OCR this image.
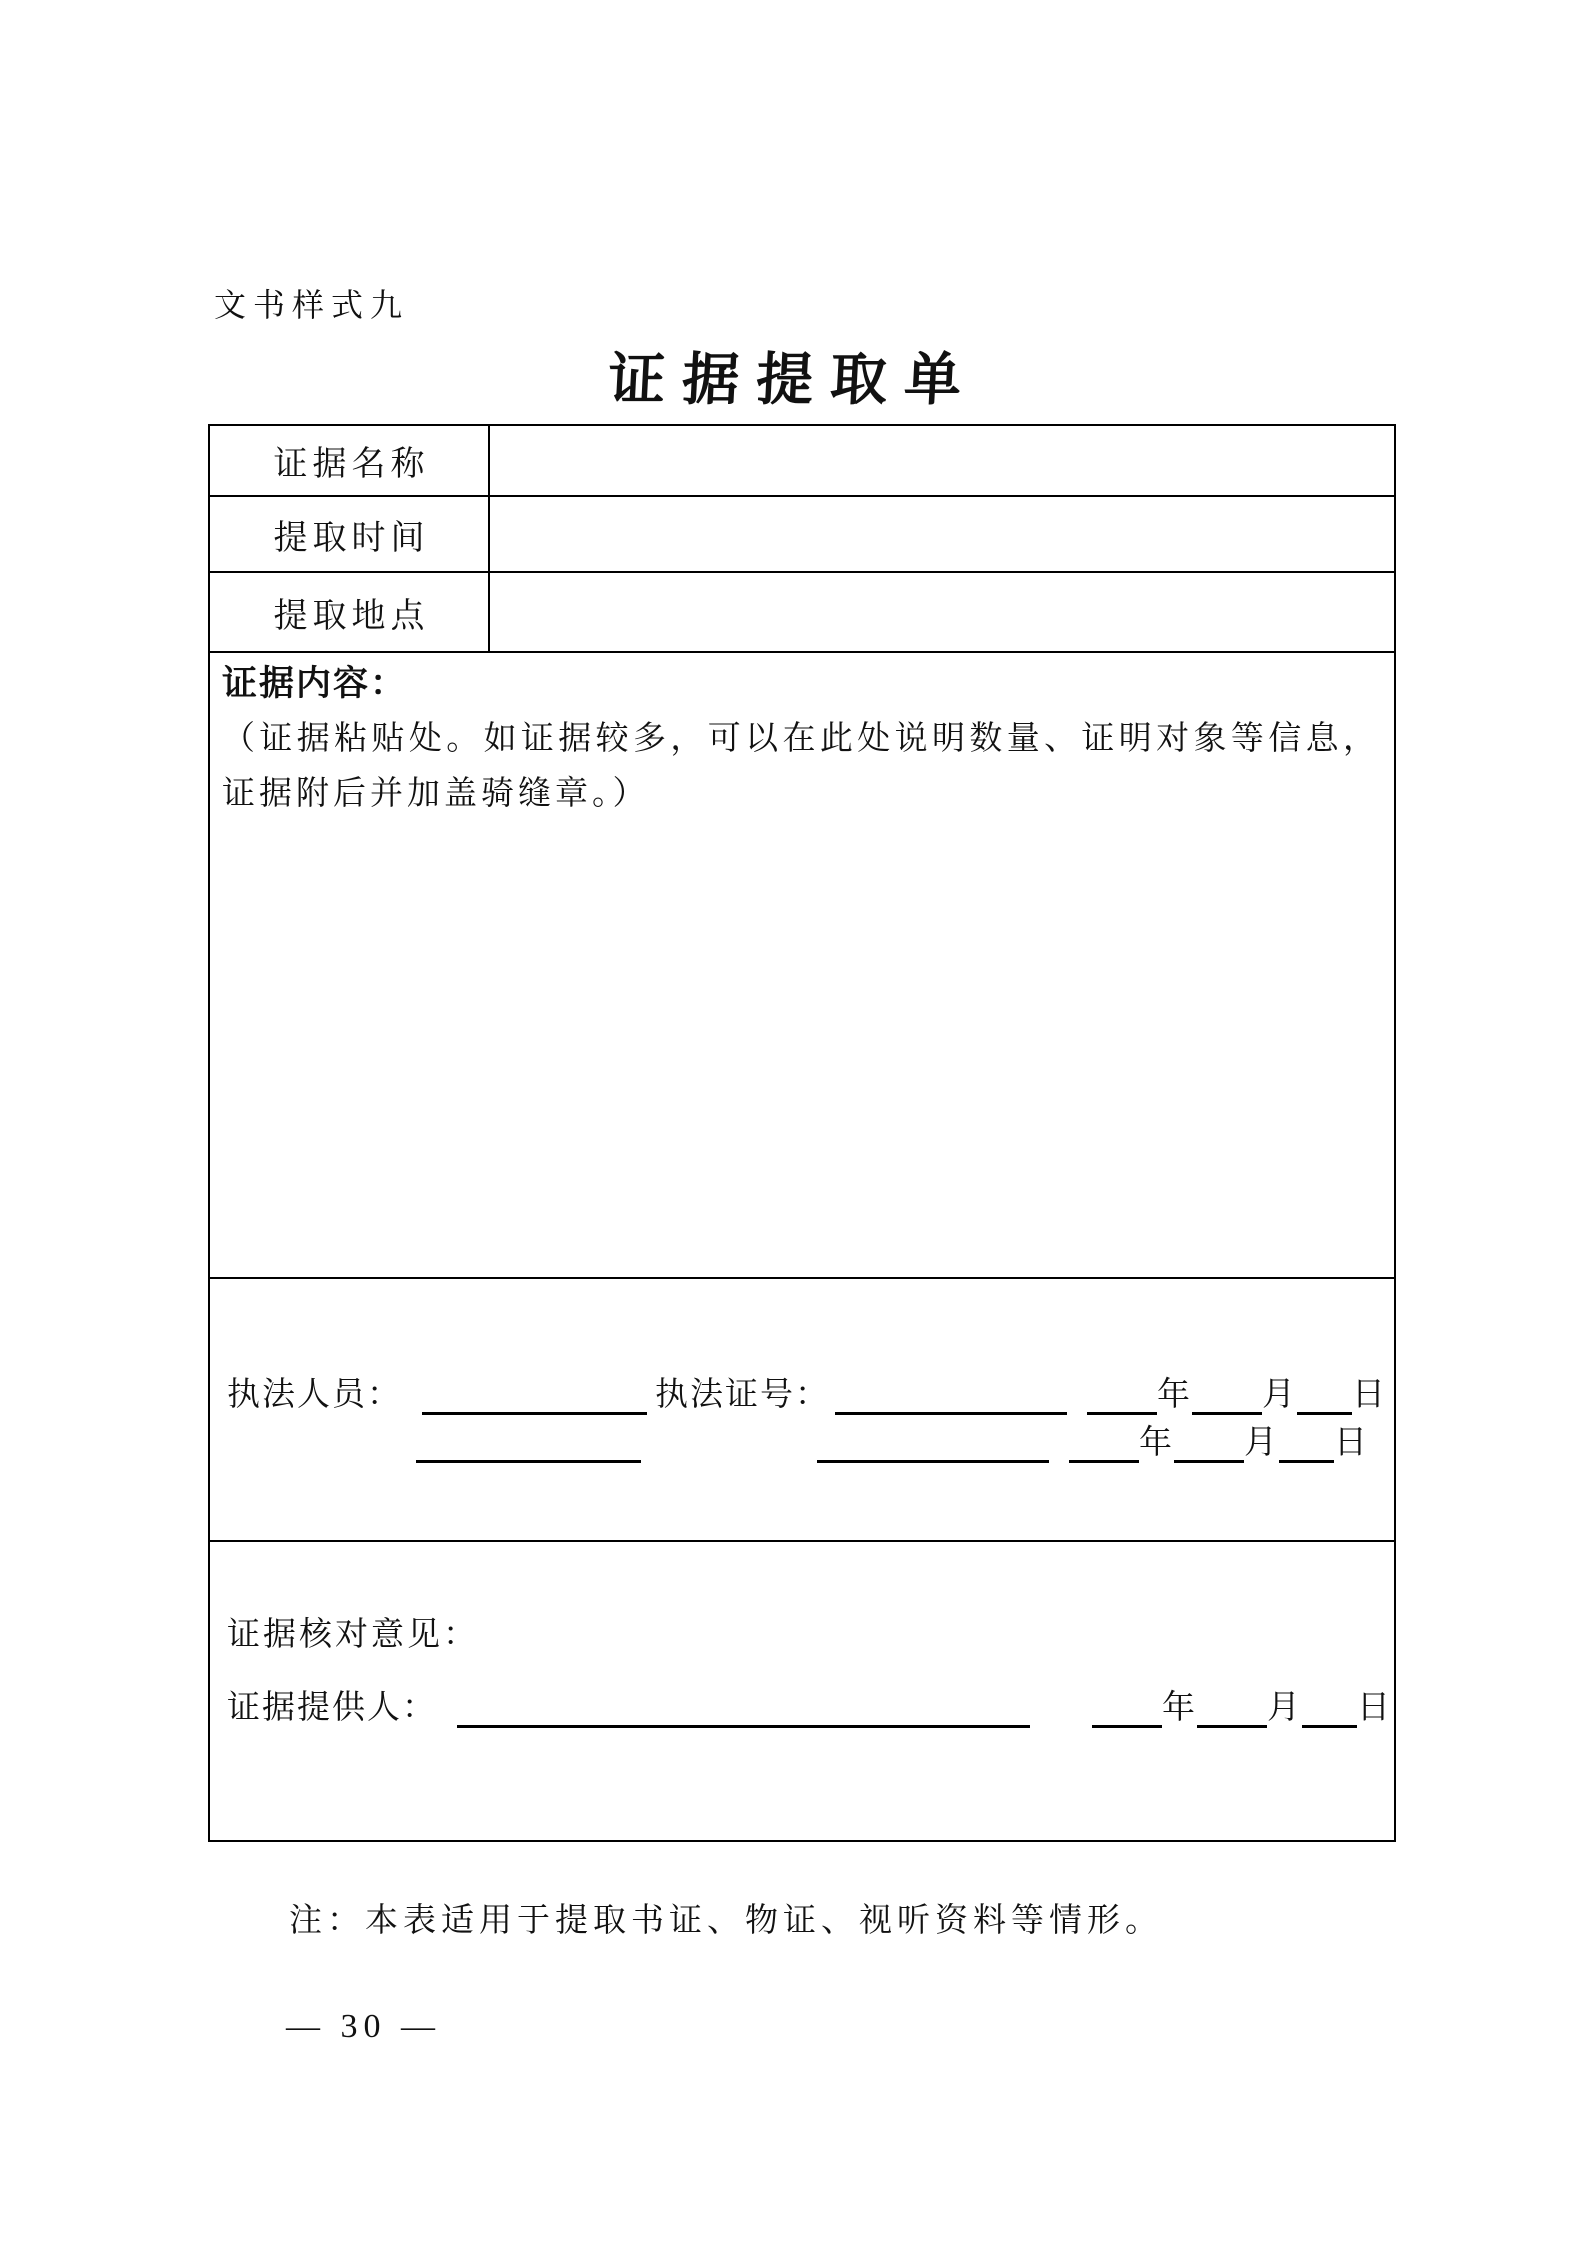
文书样式九
证据提取单
证据名称
提取时间
提取地点
证据内容：
（证据粘贴处。如证据较多，可以在此处说明数量、证明对象等信息，证据附后并加盖骑缝章。）
执法人员：	执法证号：	年 月 日
年 月 日
证据核对意见：
证据提供人：	年 月 日
注：本表适用于提取书证、物证、视听资料等情形。
— 30 —
